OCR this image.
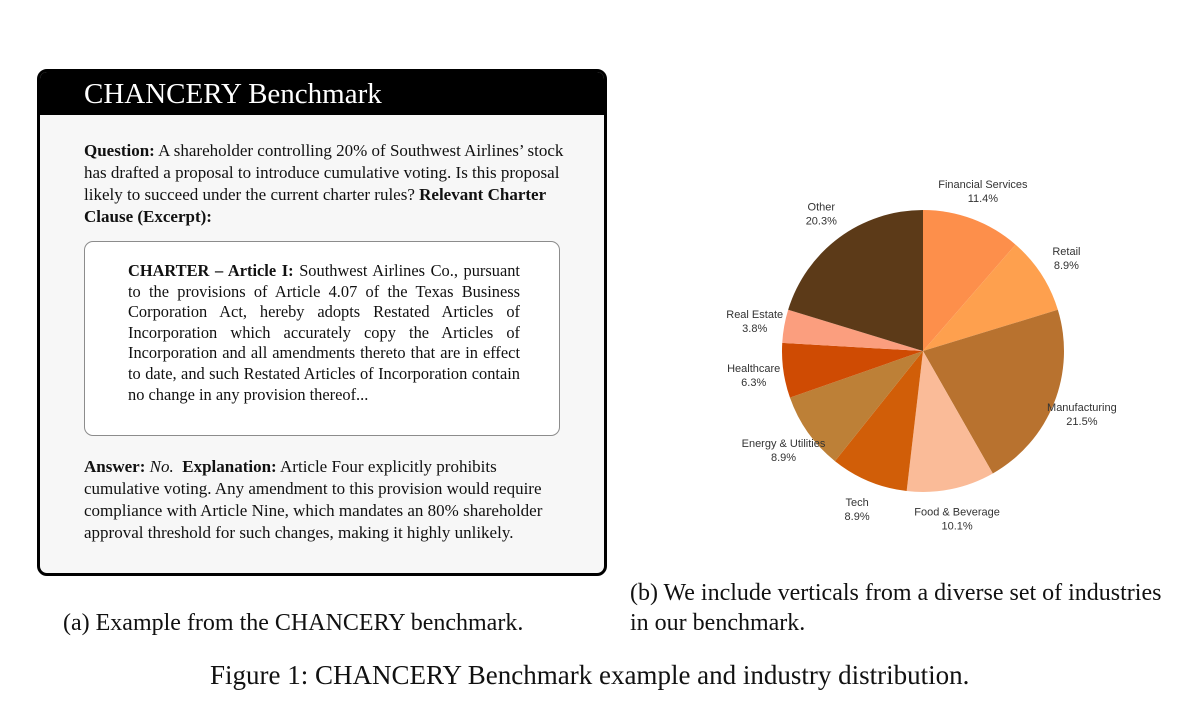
CHANCERY Benchmark
Question: A shareholder controlling 20% of Southwest Airlines’ stock has drafted a proposal to introduce cumulative voting. Is this proposal likely to succeed under the current charter rules? Relevant Charter Clause (Excerpt):
CHARTER – Article I: Southwest Airlines Co., pursuant to the provisions of Article 4.07 of the Texas Business Corporation Act, hereby adopts Restated Articles of Incorporation which accurately copy the Articles of Incorporation and all amendments thereto that are in effect to date, and such Restated Articles of Incorporation contain no change in any provision thereof...
Answer: No. Explanation: Article Four explicitly prohibits cumulative voting. Any amendment to this provision would require compliance with Article Nine, which mandates an 80% shareholder approval threshold for such changes, making it highly unlikely.
(a) Example from the CHANCERY benchmark.
Financial Services
11.4%
Retail
8.9%
Manufacturing
21.5%
Food & Beverage
10.1%
Tech
8.9%
Energy & Utilities
8.9%
Healthcare
6.3%
Real Estate
3.8%
Other
20.3%
(b) We include verticals from a diverse set of industries
in our benchmark.
Figure 1: CHANCERY Benchmark example and industry distribution.
